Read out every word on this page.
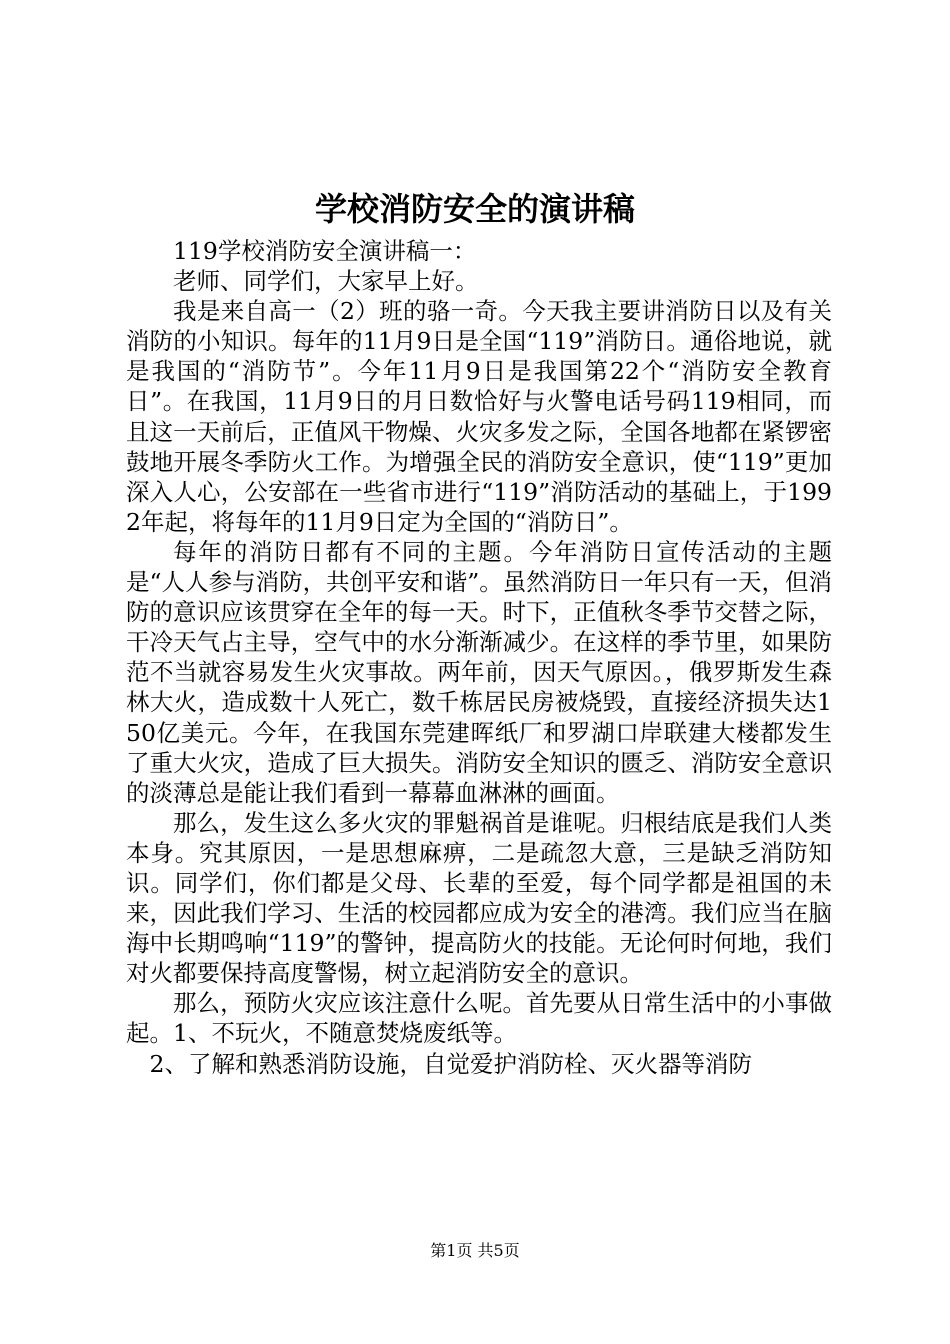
学校消防安全的演讲稿

119学校消防安全演讲稿一：

老师、同学们，大家早上好。

我是来自高一（2）班的骆一奇。今天我主要讲消防日以及有关消防的小知识。每年的11月9日是全国“119”消防日。通俗地说，就是我国的“消防节”。今年11月9日是我国第22个“消防安全教育日”。在我国，11月9日的月日数恰好与火警电话号码119相同，而且这一天前后，正值风干物燥、火灾多发之际，全国各地都在紧锣密鼓地开展冬季防火工作。为增强全民的消防安全意识，使“119”更加深入人心，公安部在一些省市进行“119”消防活动的基础上，于1992年起，将每年的11月9日定为全国的“消防日”。

每年的消防日都有不同的主题。今年消防日宣传活动的主题是“人人参与消防，共创平安和谐”。虽然消防日一年只有一天，但消防的意识应该贯穿在全年的每一天。时下，正值秋冬季节交替之际，干冷天气占主导，空气中的水分渐渐减少。在这样的季节里，如果防范不当就容易发生火灾事故。两年前，因天气原因。，俄罗斯发生森林大火，造成数十人死亡，数千栋居民房被烧毁，直接经济损失达150亿美元。今年，在我国东莞建晖纸厂和罗湖口岸联建大楼都发生了重大火灾，造成了巨大损失。消防安全知识的匮乏、消防安全意识的淡薄总是能让我们看到一幕幕血淋淋的画面。

那么，发生这么多火灾的罪魁祸首是谁呢。归根结底是我们人类本身。究其原因，一是思想麻痹，二是疏忽大意，三是缺乏消防知识。同学们，你们都是父母、长辈的至爱，每个同学都是祖国的未来，因此我们学习、生活的校园都应成为安全的港湾。我们应当在脑海中长期鸣响“119”的警钟，提高防火的技能。无论何时何地，我们对火都要保持高度警惕，树立起消防安全的意识。

那么，预防火灾应该注意什么呢。首先要从日常生活中的小事做起。1、不玩火，不随意焚烧废纸等。

2、了解和熟悉消防设施，自觉爱护消防栓、灭火器等消防

第1页 共5页
